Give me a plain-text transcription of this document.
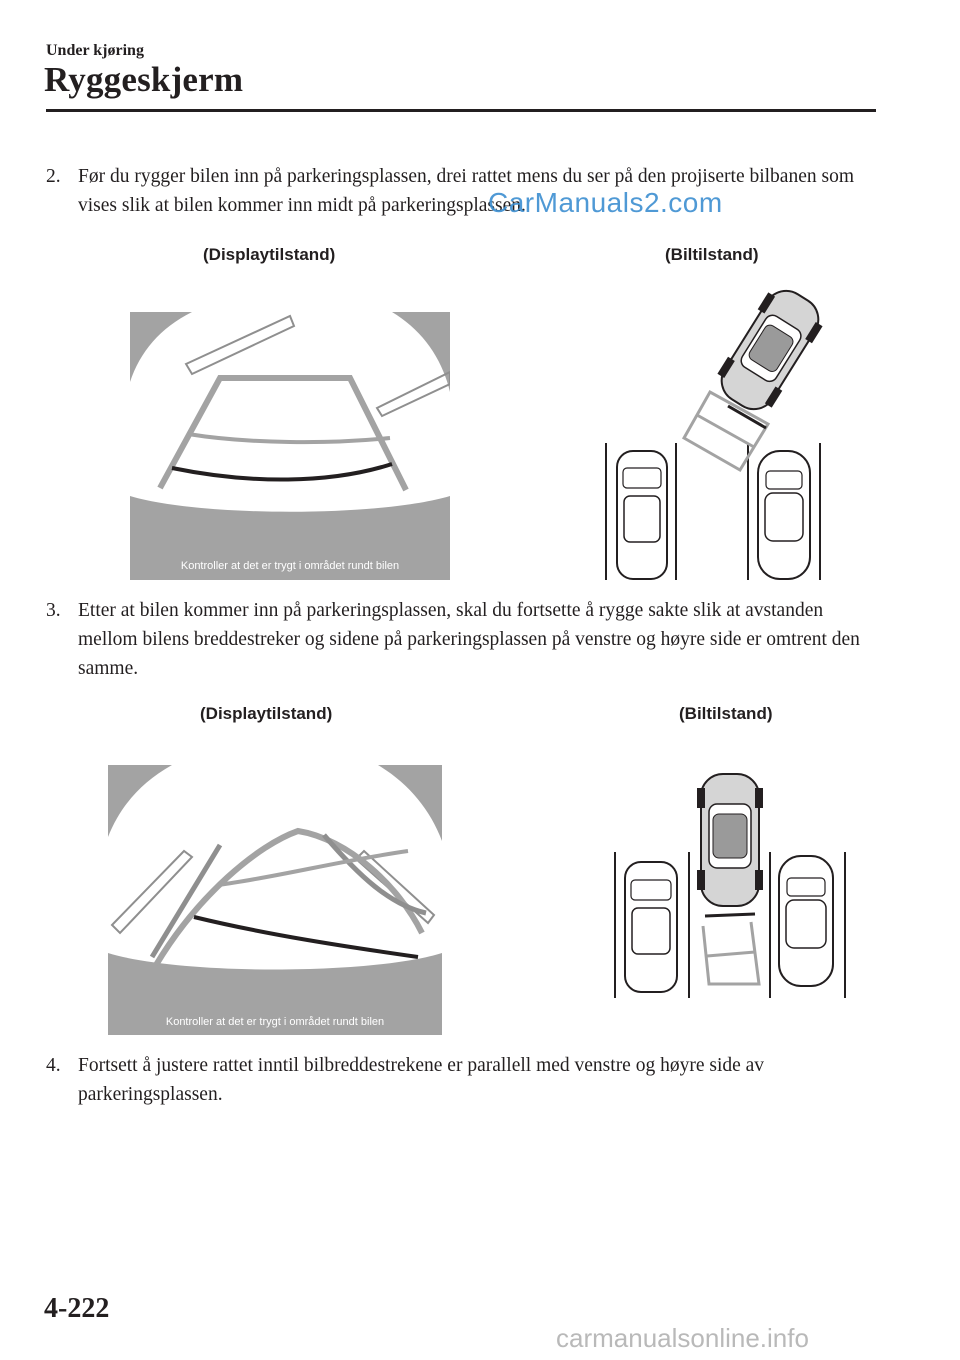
Under kjøring
Ryggeskjerm
2. Før du rygger bilen inn på parkeringsplassen, drei rattet mens du ser på den projiserte bilbanen som vises slik at bilen kommer inn midt på parkeringsplassen.
CarManuals2.com
(Displaytilstand)	(Biltilstand)
Kontroller at det er trygt i området rundt bilen
3. Etter at bilen kommer inn på parkeringsplassen, skal du fortsette å rygge sakte slik at avstanden mellom bilens breddestreker og sidene på parkeringsplassen på venstre og høyre side er omtrent den samme.
(Displaytilstand)	(Biltilstand)
Kontroller at det er trygt i området rundt bilen
4. Fortsett å justere rattet inntil bilbreddestrekene er parallell med venstre og høyre side av parkeringsplassen.
4-222
carmanualsonline.info
